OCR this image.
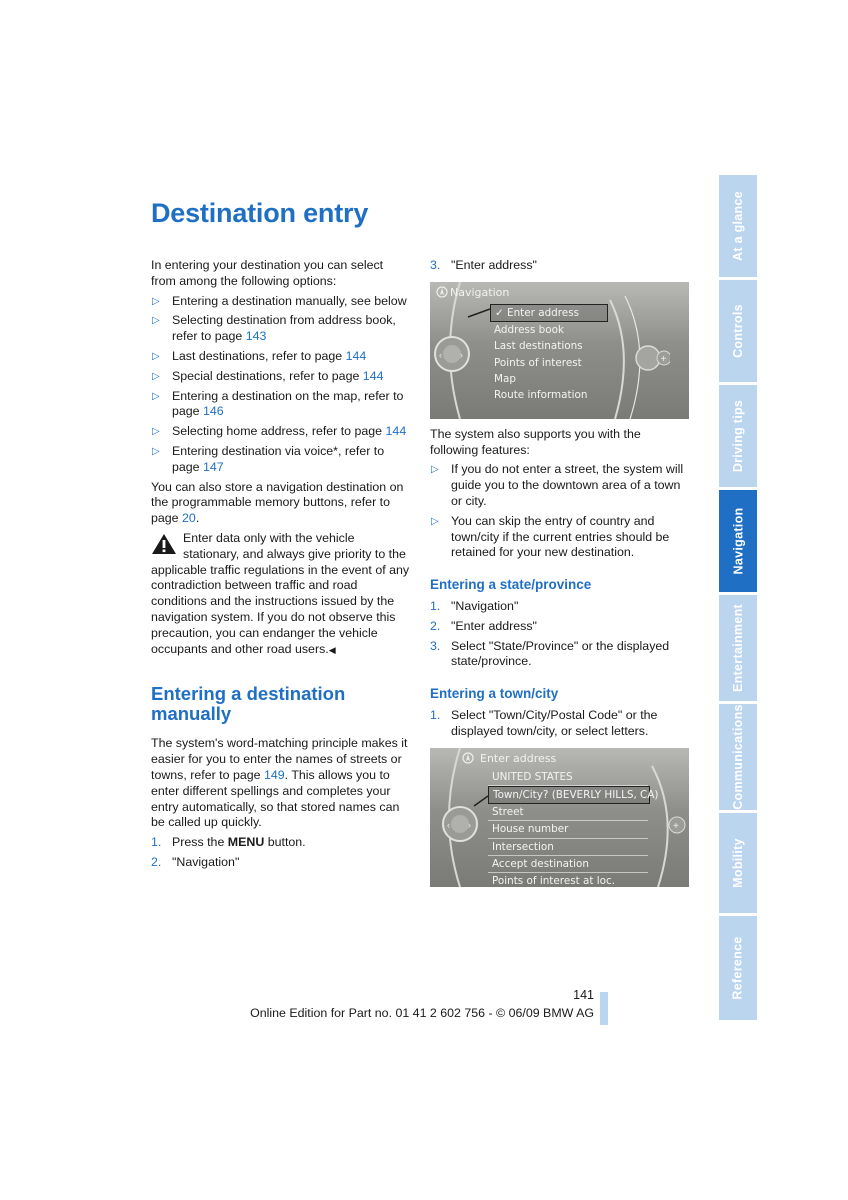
Destination entry

In entering your destination you can select from among the following options:

▷ Entering a destination manually, see below
▷ Selecting destination from address book, refer to page 143
▷ Last destinations, refer to page 144
▷ Special destinations, refer to page 144
▷ Entering a destination on the map, refer to page 146
▷ Selecting home address, refer to page 144
▷ Entering destination via voice*, refer to page 147

You can also store a navigation destination on the programmable memory buttons, refer to page 20.

Enter data only with the vehicle stationary, and always give priority to the applicable traffic regulations in the event of any contradiction between traffic and road conditions and the instructions issued by the navigation system. If you do not observe this precaution, you can endanger the vehicle occupants and other road users.◀
Entering a destination manually

The system's word-matching principle makes it easier for you to enter the names of streets or towns, refer to page 149. This allows you to enter different spellings and completes your entry automatically, so that stored names can be called up quickly.

1. Press the MENU button.
2. "Navigation"
3. "Enter address"
Navigation
‹ ›	+
✓ Enter address
Address book
Last destinations
Points of interest
Map
Route information

The system also supports you with the following features:

▷ If you do not enter a street, the system will guide you to the downtown area of a town or city.
▷ You can skip the entry of country and town/city if the current entries should be retained for your new destination.
Entering a state/province
1. "Navigation"
2. "Enter address"
3. Select "State/Province" or the displayed state/province.
Entering a town/city
1. Select "Town/City/Postal Code" or the displayed town/city, or select letters.
Enter address
‹ ›	+
UNITED STATES
Town/City? (BEVERLY HILLS, CA)
Street
House number
Intersection
Accept destination
Points of interest at loc.
At a glance
Controls
Driving tips
Navigation
Entertainment
Communications
Mobility
Reference
141
Online Edition for Part no. 01 41 2 602 756 - © 06/09 BMW AG
